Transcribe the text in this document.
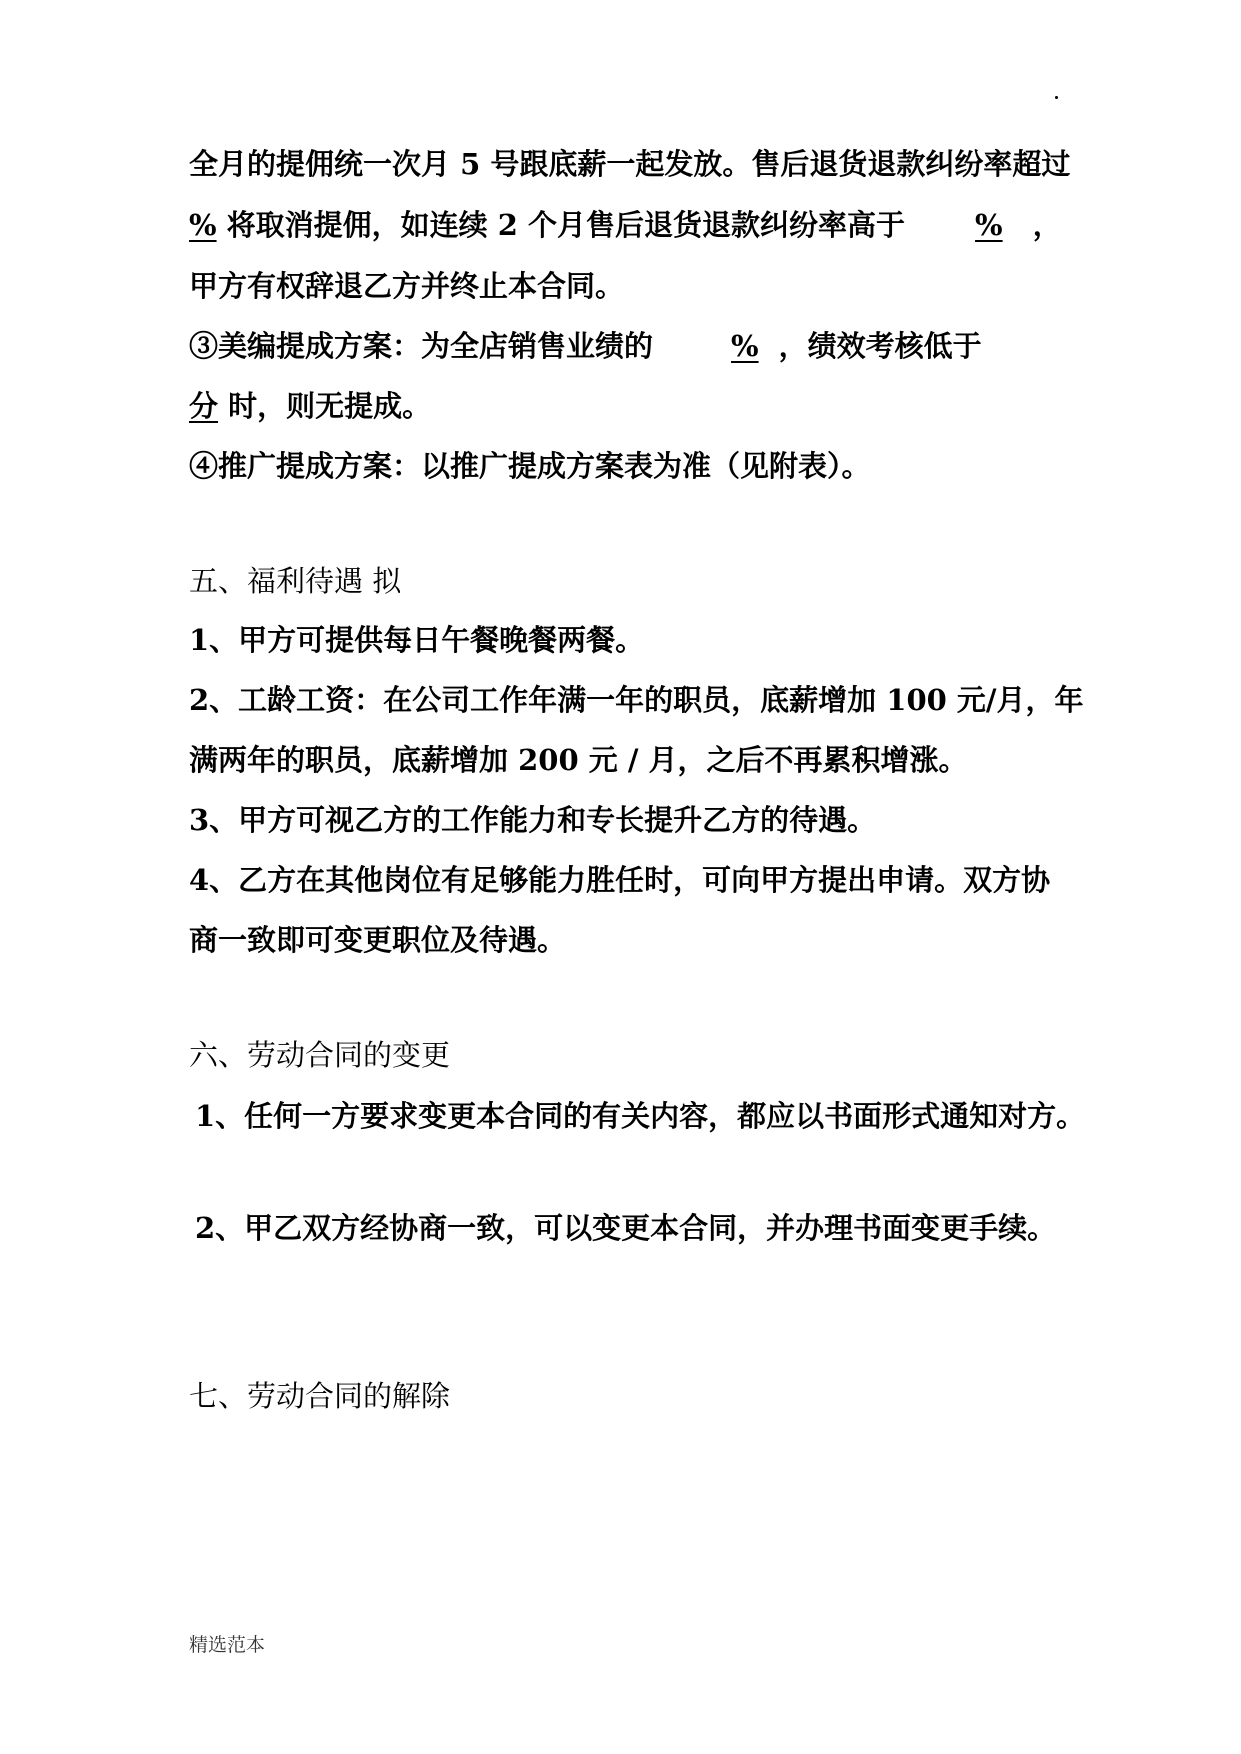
全月的提佣统一次月 5 号跟底薪一起发放。售后退货退款纠纷率超过
% 将取消提佣，如连续 2 个月售后退货退款纠纷率高于 % ，
甲方有权辞退乙方并终止本合同。
③美编提成方案：为全店销售业绩的	% ，绩效考核低于
分 时，则无提成。
④推广提成方案：以推广提成方案表为准（见附表）。
五、福利待遇 拟
1、甲方可提供每日午餐晚餐两餐。
2、工龄工资：在公司工作年满一年的职员，底薪增加 100 元/月，年
满两年的职员，底薪增加 200 元 / 月，之后不再累积增涨。
3、甲方可视乙方的工作能力和专长提升乙方的待遇。
4、乙方在其他岗位有足够能力胜任时，可向甲方提出申请。双方协
商一致即可变更职位及待遇。
六、劳动合同的变更
1、任何一方要求变更本合同的有关内容，都应以书面形式通知对方。
2、甲乙双方经协商一致，可以变更本合同，并办理书面变更手续。
七、劳动合同的解除
精选范本
